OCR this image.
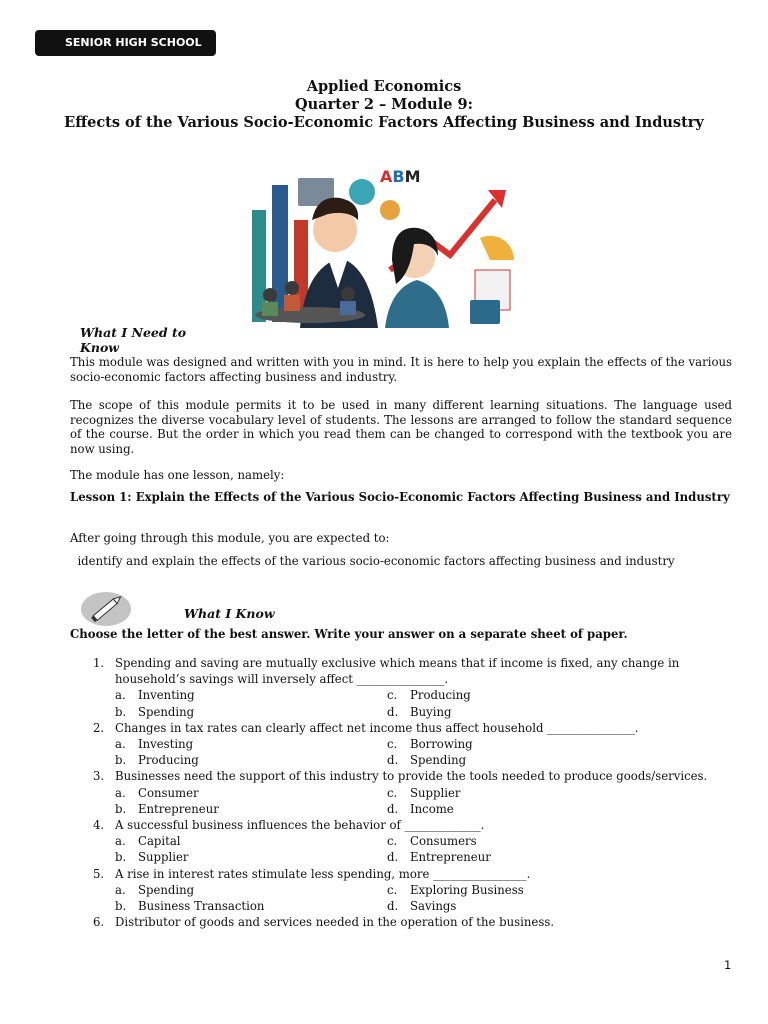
SENIOR HIGH SCHOOL
Applied Economics
Quarter 2 – Module 9:
Effects of the Various Socio-Economic Factors Affecting Business and Industry
ABM
What I Need to
Know
This module was designed and written with you in mind. It is here to help you explain the effects of the various socio-economic factors affecting business and industry.
The scope of this module permits it to be used in many different learning situations. The language used recognizes the diverse vocabulary level of students. The lessons are arranged to follow the standard sequence of the course. But the order in which you read them can be changed to correspond with the textbook you are now using.
The module has one lesson, namely:
Lesson 1: Explain the Effects of the Various Socio-Economic Factors Affecting Business and Industry
After going through this module, you are expected to:
identify and explain the effects of the various socio-economic factors affecting business and industry
What I Know
Choose the letter of the best answer. Write your answer on a separate sheet of paper.
1. Spending and saving are mutually exclusive which means that if income is fixed, any change in household’s savings will inversely affect _______________.
a.	Inventing	c.	Producing
b.	Spending	d.	Buying
2. Changes in tax rates can clearly affect net income thus affect household _______________.
a.	Investing	c.	Borrowing
b.	Producing	d.	Spending
3. Businesses need the support of this industry to provide the tools needed to produce goods/services.
a.	Consumer	c.	Supplier
b.	Entrepreneur	d.	Income
4. A successful business influences the behavior of _____________.
a.	Capital	c.	Consumers
b.	Supplier	d.	Entrepreneur
5. A rise in interest rates stimulate less spending, more ________________.
a.	Spending	c.	Exploring Business
b.	Business Transaction	d.	Savings
6. Distributor of goods and services needed in the operation of the business.
1
